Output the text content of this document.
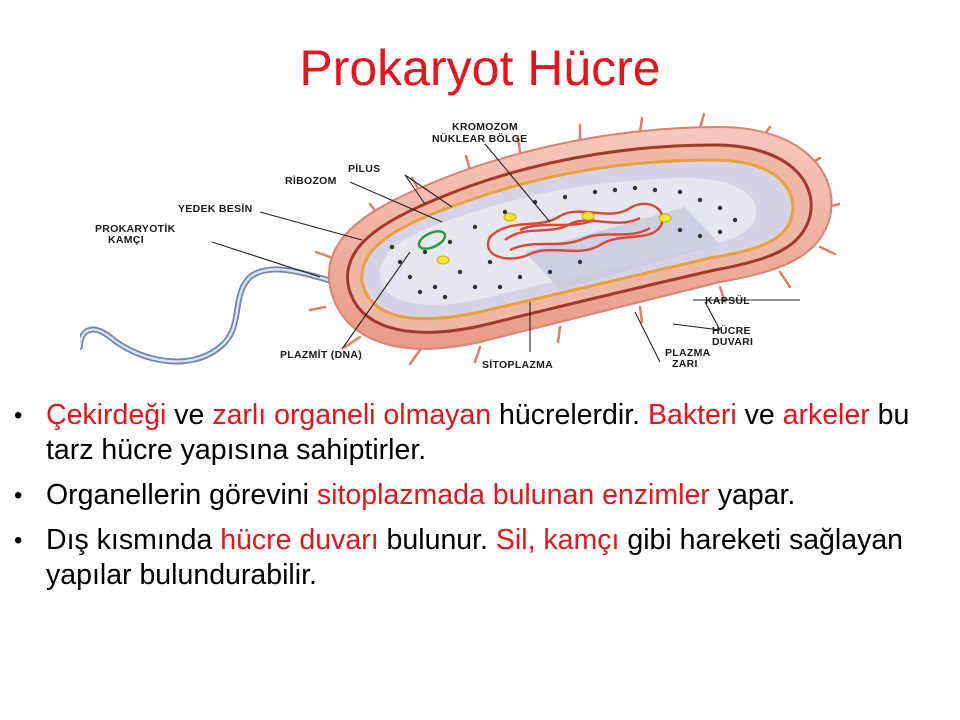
Prokaryot Hücre
KROMOZOM
NÜKLEAR BÖLGE
PİLUS
RİBOZOM
YEDEK BESİN
PROKARYOTİK
KAMÇI
KAPSÜL
HÜCRE
DUVARI
PLAZMİT (DNA)
SİTOPLAZMA
PLAZMA
ZARI
• Çekirdeği ve zarlı organeli olmayan hücrelerdir. Bakteri ve arkeler bu tarz hücre yapısına sahiptirler.
• Organellerin görevini sitoplazmada bulunan enzimler yapar.
• Dış kısmında hücre duvarı bulunur. Sil, kamçı gibi hareketi sağlayan yapılar bulundurabilir.
